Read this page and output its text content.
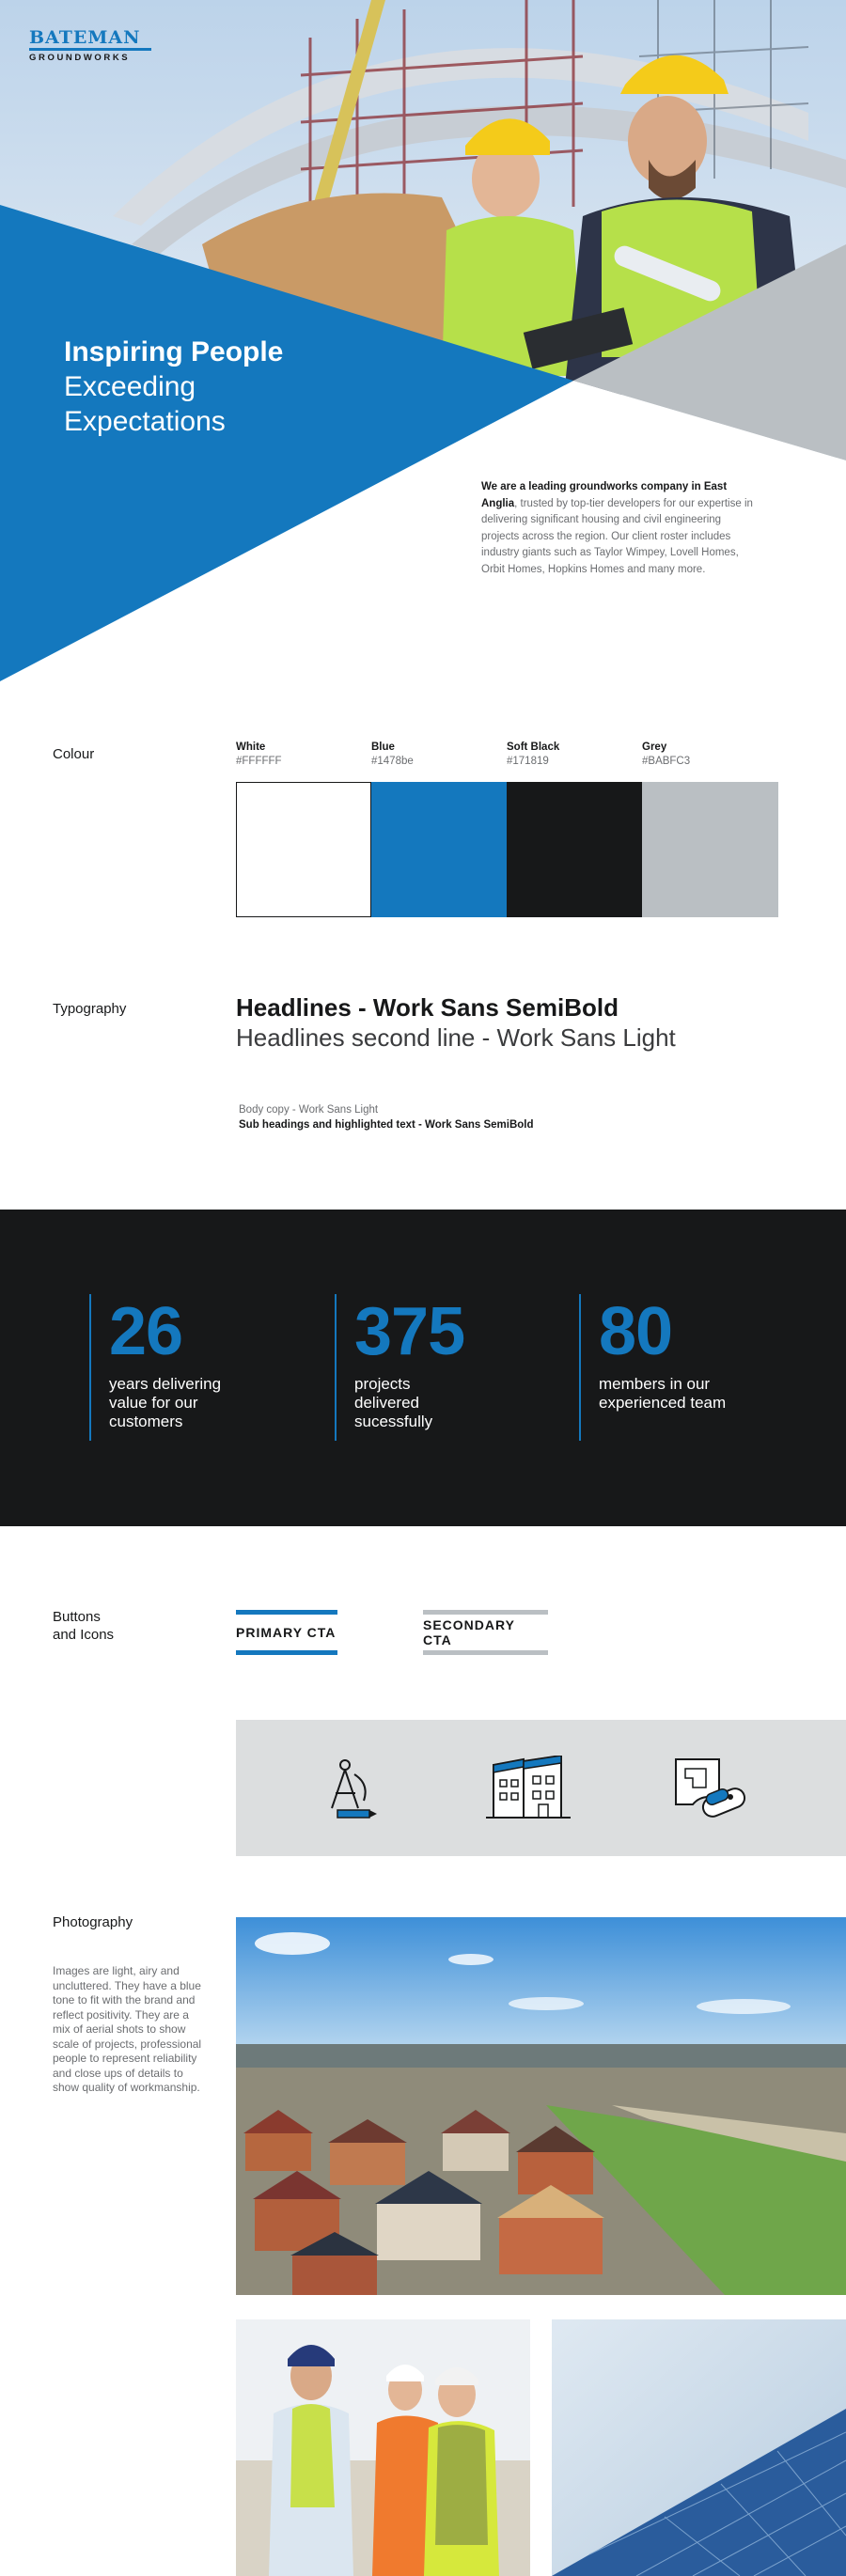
BATEMAN
GROUNDWORKS
Inspiring People
Exceeding
Expectations

We are a leading groundworks company in East Anglia, trusted by top-tier developers for our expertise in delivering significant housing and civil engineering projects across the region. Our client roster includes industry giants such as Taylor Wimpey, Lovell Homes, Orbit Homes, Hopkins Homes and many more.

Colour	White
#FFFFFF
Blue
#1478be
Soft Black
#171819
Grey
#BABFC3
Typography	Headlines - Work Sans SemiBold
Headlines second line - Work Sans Light
Body copy - Work Sans Light
Sub headings and highlighted text - Work Sans SemiBold
26
years delivering value for our customers
375
projects delivered sucessfully
80
members in our experienced team
Buttons
and Icons	PRIMARY CTA	SECONDARY CTA
Photography

Images are light, airy and uncluttered. They have a blue tone to fit with the brand and reflect positivity. They are a mix of aerial shots to show scale of projects, professional people to represent reliability and close ups of details to show quality of workmanship.
